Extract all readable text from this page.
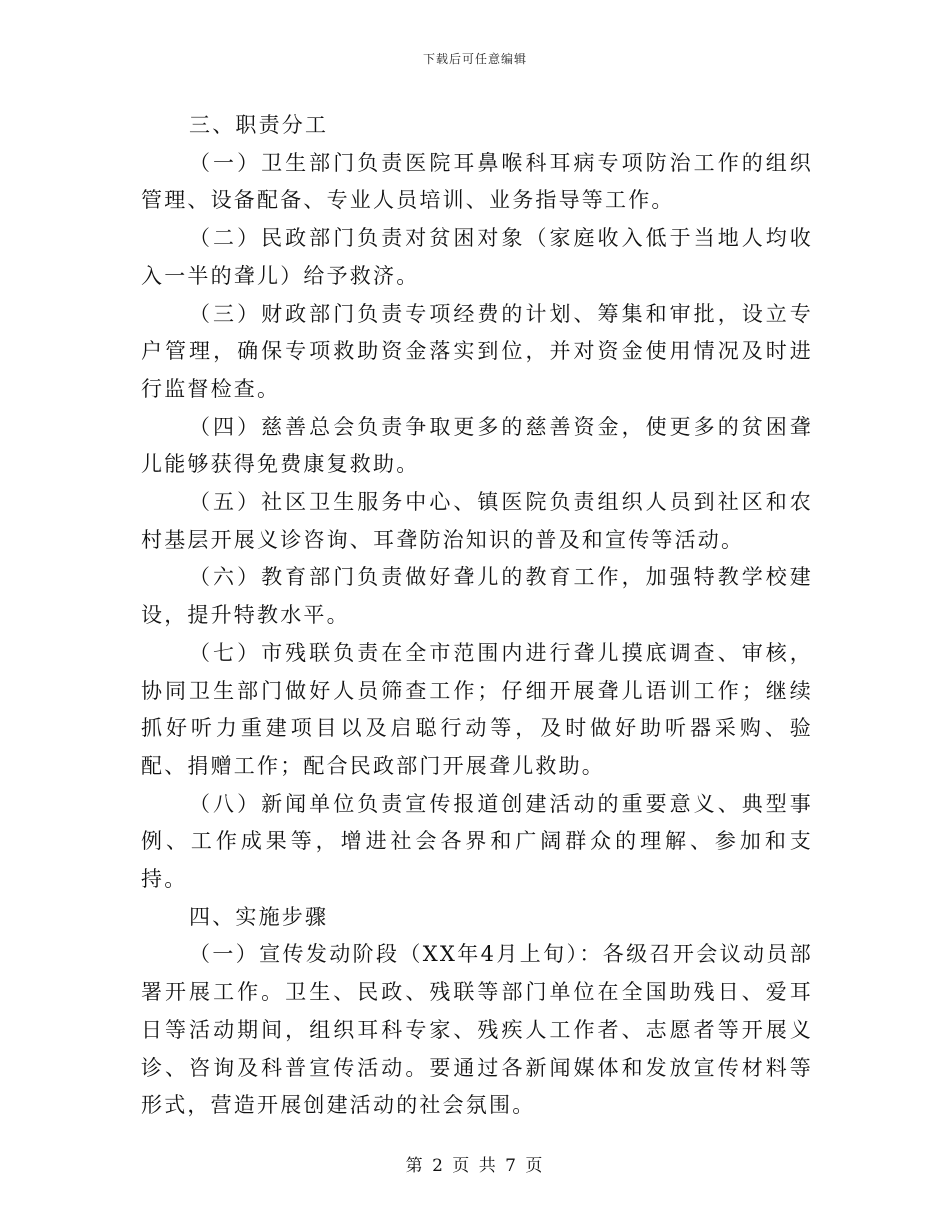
下载后可任意编辑

三、职责分工

（一）卫生部门负责医院耳鼻喉科耳病专项防治工作的组织管理、设备配备、专业人员培训、业务指导等工作。

（二）民政部门负责对贫困对象（家庭收入低于当地人均收入一半的聋儿）给予救济。

（三）财政部门负责专项经费的计划、筹集和审批，设立专户管理，确保专项救助资金落实到位，并对资金使用情况及时进行监督检查。

（四）慈善总会负责争取更多的慈善资金，使更多的贫困聋儿能够获得免费康复救助。

（五）社区卫生服务中心、镇医院负责组织人员到社区和农村基层开展义诊咨询、耳聋防治知识的普及和宣传等活动。

（六）教育部门负责做好聋儿的教育工作，加强特教学校建设，提升特教水平。

（七）市残联负责在全市范围内进行聋儿摸底调查、审核，协同卫生部门做好人员筛查工作；仔细开展聋儿语训工作；继续抓好听力重建项目以及启聪行动等，及时做好助听器采购、验配、捐赠工作；配合民政部门开展聋儿救助。

（八）新闻单位负责宣传报道创建活动的重要意义、典型事例、工作成果等，增进社会各界和广阔群众的理解、参加和支持。

四、实施步骤

（一）宣传发动阶段（XX年4月上旬）：各级召开会议动员部署开展工作。卫生、民政、残联等部门单位在全国助残日、爱耳日等活动期间，组织耳科专家、残疾人工作者、志愿者等开展义诊、咨询及科普宣传活动。要通过各新闻媒体和发放宣传材料等形式，营造开展创建活动的社会氛围。

第 2 页 共 7 页
